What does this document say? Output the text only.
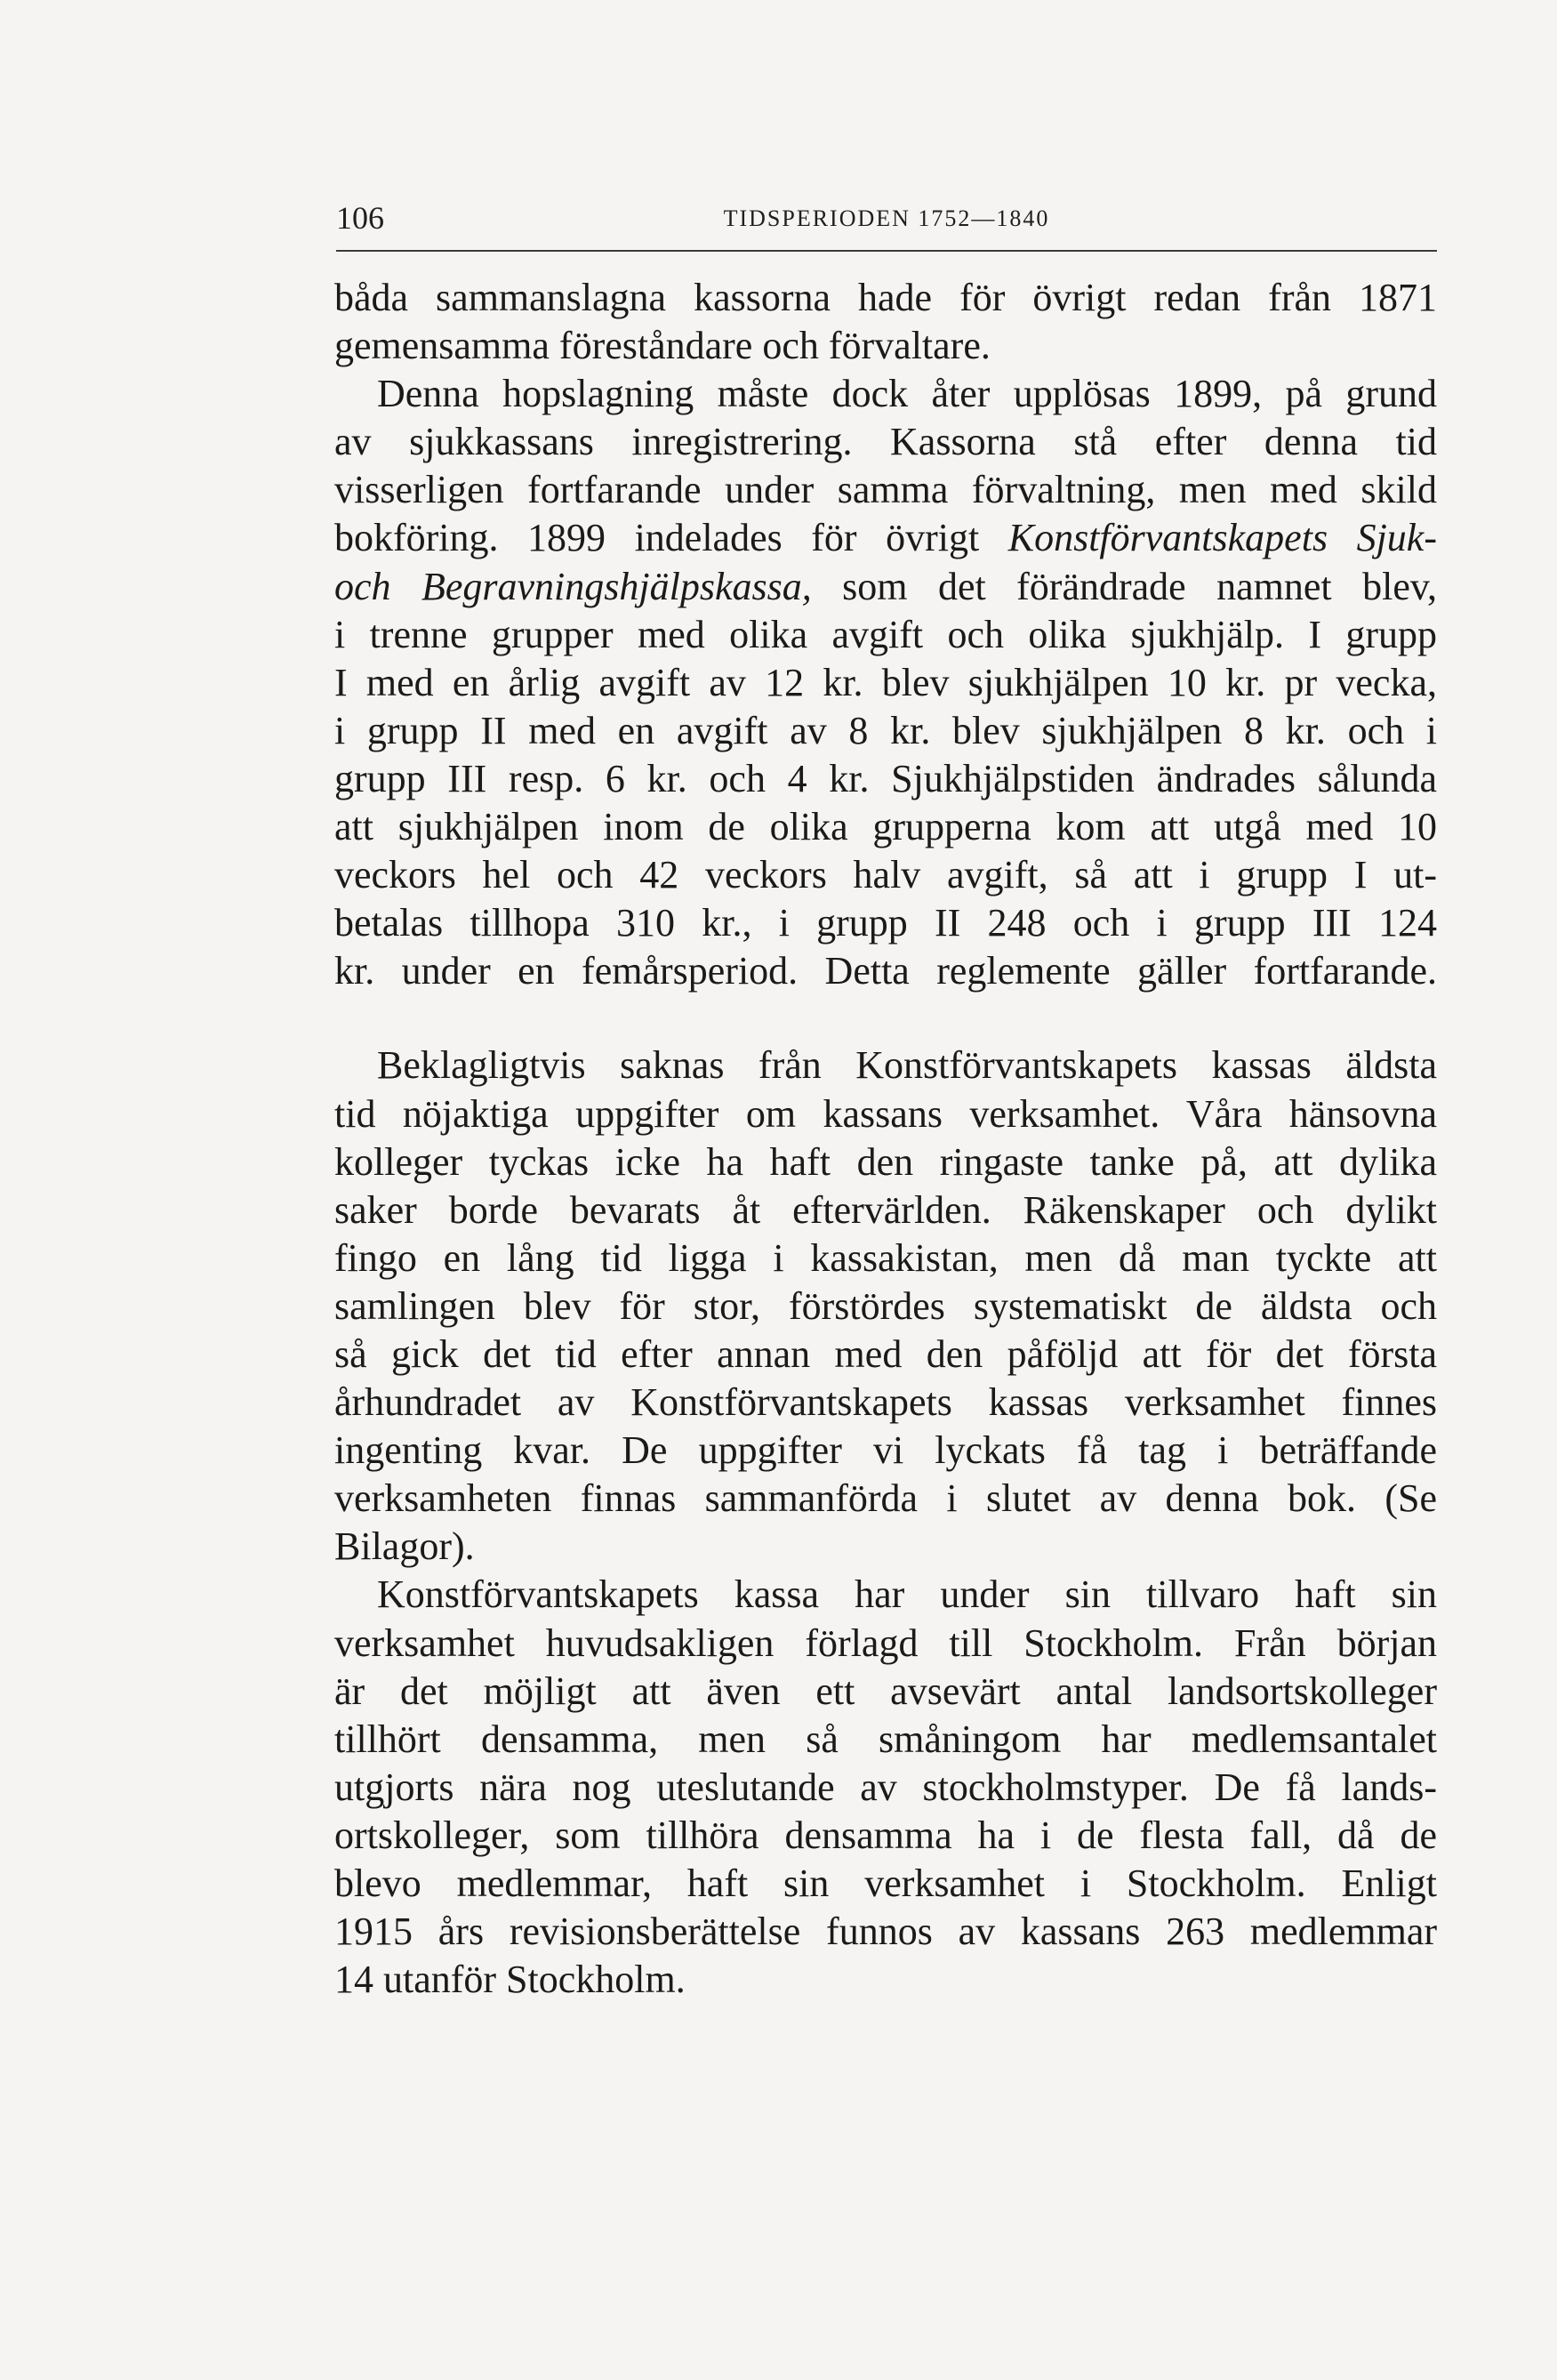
106	TIDSPERIODEN 1752—1840

båda sammanslagna kassorna hade för övrigt redan från 1871
gemensamma föreståndare och förvaltare.

Denna hopslagning måste dock åter upplösas 1899, på grund
av sjukkassans inregistrering. Kassorna stå efter denna tid
visserligen fortfarande under samma förvaltning, men med skild
bokföring. 1899 indelades för övrigt Konstförvantskapets Sjuk-
och Begravningshjälpskassa, som det förändrade namnet blev,
i trenne grupper med olika avgift och olika sjukhjälp. I grupp
I med en årlig avgift av 12 kr. blev sjukhjälpen 10 kr. pr vecka,
i grupp II med en avgift av 8 kr. blev sjukhjälpen 8 kr. och i
grupp III resp. 6 kr. och 4 kr. Sjukhjälpstiden ändrades sålunda
att sjukhjälpen inom de olika grupperna kom att utgå med 10
veckors hel och 42 veckors halv avgift, så att i grupp I ut-
betalas tillhopa 310 kr., i grupp II 248 och i grupp III 124
kr. under en femårsperiod. Detta reglemente gäller fortfarande.

Beklagligtvis saknas från Konstförvantskapets kassas äldsta
tid nöjaktiga uppgifter om kassans verksamhet. Våra hänsovna
kolleger tyckas icke ha haft den ringaste tanke på, att dylika
saker borde bevarats åt eftervärlden. Räkenskaper och dylikt
fingo en lång tid ligga i kassakistan, men då man tyckte att
samlingen blev för stor, förstördes systematiskt de äldsta och
så gick det tid efter annan med den påföljd att för det första
århundradet av Konstförvantskapets kassas verksamhet finnes
ingenting kvar. De uppgifter vi lyckats få tag i beträffande
verksamheten finnas sammanförda i slutet av denna bok. (Se
Bilagor).

Konstförvantskapets kassa har under sin tillvaro haft sin
verksamhet huvudsakligen förlagd till Stockholm. Från början
är det möjligt att även ett avsevärt antal landsortskolleger
tillhört densamma, men så småningom har medlemsantalet
utgjorts nära nog uteslutande av stockholmstyper. De få lands-
ortskolleger, som tillhöra densamma ha i de flesta fall, då de
blevo medlemmar, haft sin verksamhet i Stockholm. Enligt
1915 års revisionsberättelse funnos av kassans 263 medlemmar
14 utanför Stockholm.
